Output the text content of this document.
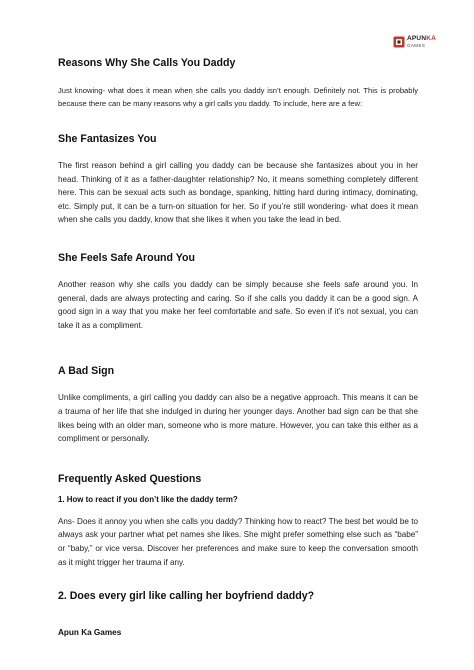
APUNKA
GAMES
Reasons Why She Calls You Daddy

Just knowing- what does it mean when she calls you daddy isn’t enough. Definitely not. This is probably because there can be many reasons why a girl calls you daddy. To include, here are a few:

She Fantasizes You

The first reason behind a girl calling you daddy can be because she fantasizes about you in her head. Thinking of it as a father-daughter relationship? No, it means something completely different here. This can be sexual acts such as bondage, spanking, hitting hard during intimacy, dominating, etc. Simply put, it can be a turn-on situation for her. So if you’re still wondering- what does it mean when she calls you daddy, know that she likes it when you take the lead in bed.

She Feels Safe Around You

Another reason why she calls you daddy can be simply because she feels safe around you. In general, dads are always protecting and caring. So if she calls you daddy it can be a good sign. A good sign in a way that you make her feel comfortable and safe. So even if it’s not sexual, you can take it as a compliment.

A Bad Sign

Unlike compliments, a girl calling you daddy can also be a negative approach. This means it can be a trauma of her life that she indulged in during her younger days. Another bad sign can be that she likes being with an older man, someone who is more mature. However, you can take this either as a compliment or personally.

Frequently Asked Questions

1. How to react if you don’t like the daddy term?

Ans- Does it annoy you when she calls you daddy? Thinking how to react? The best bet would be to always ask your partner what pet names she likes. She might prefer something else such as “babe” or “baby,” or vice versa. Discover her preferences and make sure to keep the conversation smooth as it might trigger her trauma if any.

2. Does every girl like calling her boyfriend daddy?
Apun Ka Games
